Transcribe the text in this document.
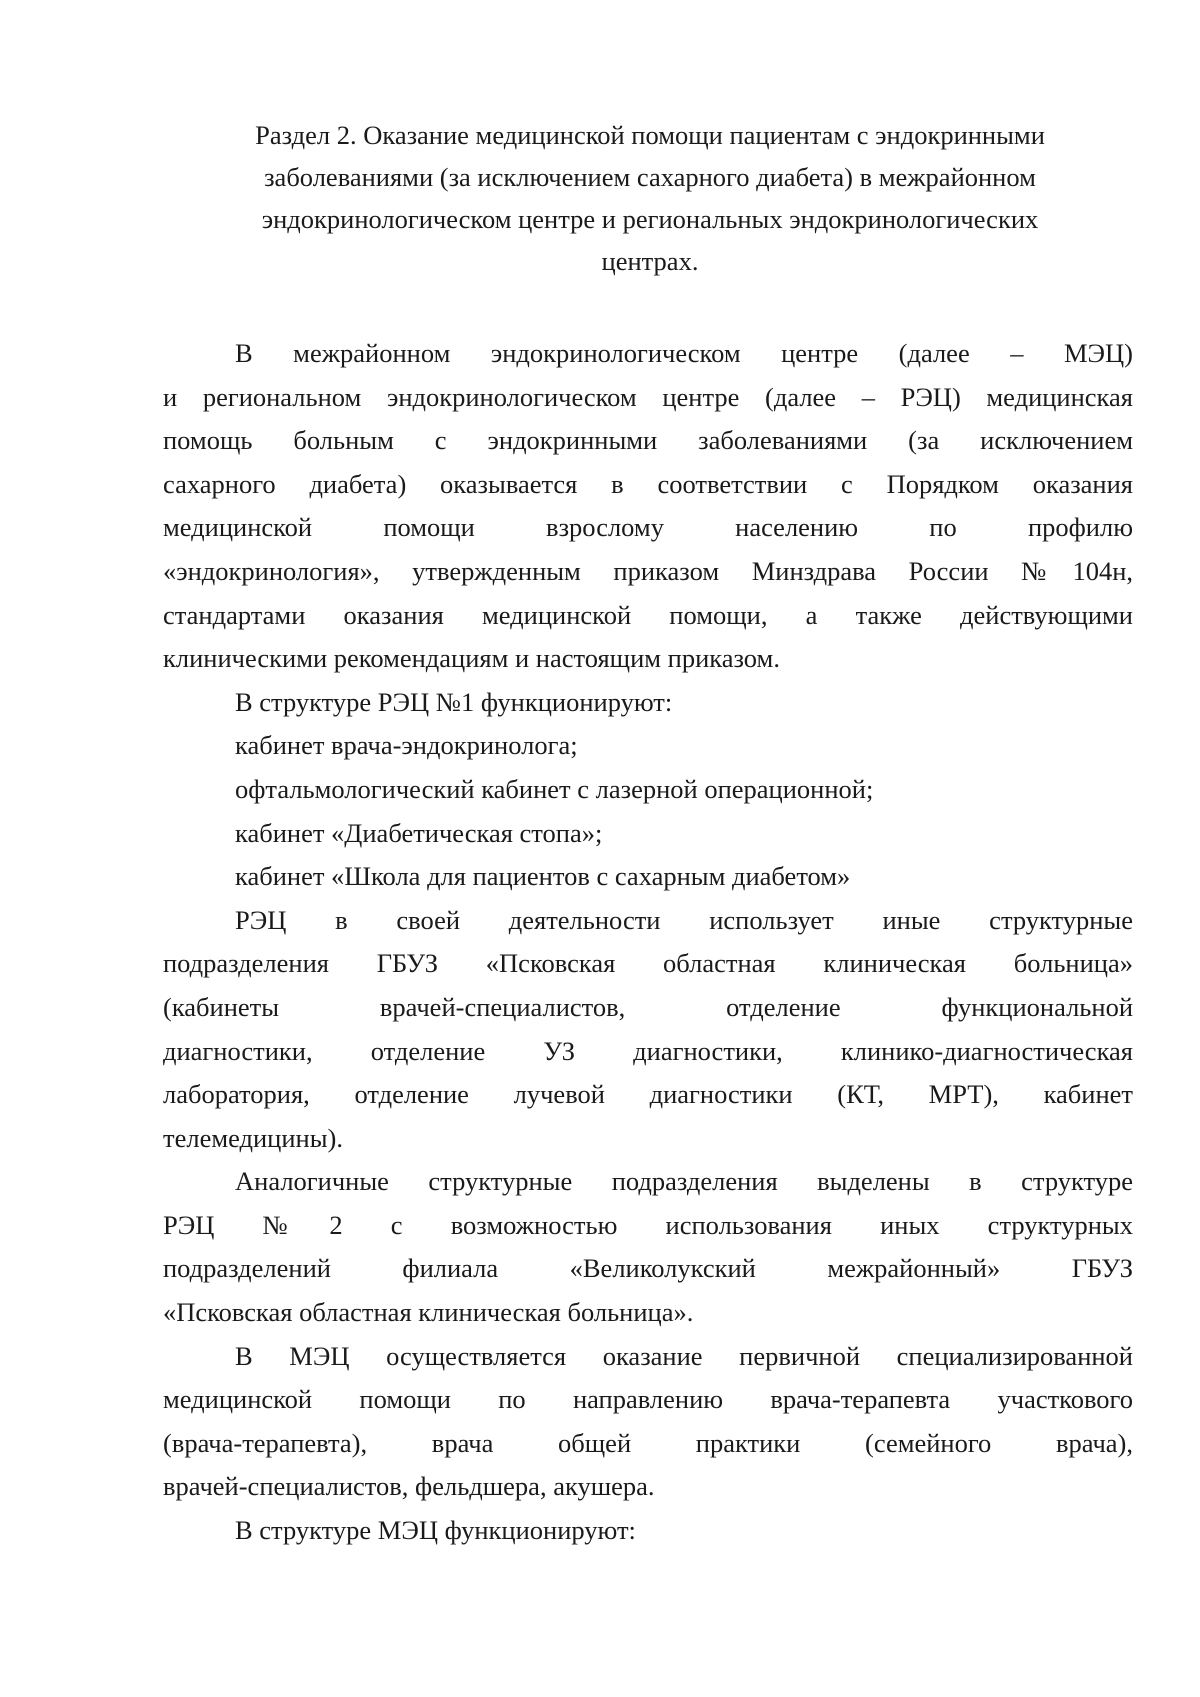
Раздел 2. Оказание медицинской помощи пациентам с эндокринными
заболеваниями (за исключением сахарного диабета) в межрайонном
эндокринологическом центре и региональных эндокринологических
центрах.
В межрайонном эндокринологическом центре (далее – МЭЦ)
и региональном эндокринологическом центре (далее – РЭЦ) медицинская
помощь больным с эндокринными заболеваниями (за исключением
сахарного диабета) оказывается в соответствии с Порядком оказания
медицинской помощи взрослому населению по профилю
«эндокринология», утвержденным приказом Минздрава России №104н,
стандартами оказания медицинской помощи, а также действующими
клиническими рекомендациям и настоящим приказом.
В структуре РЭЦ №1 функционируют:
кабинет врача-эндокринолога;
офтальмологический кабинет с лазерной операционной;
кабинет «Диабетическая стопа»;
кабинет «Школа для пациентов с сахарным диабетом»
РЭЦ в своей деятельности использует иные структурные
подразделения ГБУЗ «Псковская областная клиническая больница»
(кабинеты врачей-специалистов, отделение функциональной
диагностики, отделение УЗ диагностики, клинико-диагностическая
лаборатория, отделение лучевой диагностики (КТ, МРТ), кабинет
телемедицины).
Аналогичные структурные подразделения выделены в структуре
РЭЦ №2 с возможностью использования иных структурных
подразделений филиала «Великолукский межрайонный» ГБУЗ
«Псковская областная клиническая больница».
В МЭЦ осуществляется оказание первичной специализированной
медицинской помощи по направлению врача-терапевта участкового
(врача-терапевта), врача общей практики (семейного врача),
врачей-специалистов, фельдшера, акушера.
В структуре МЭЦ функционируют:
